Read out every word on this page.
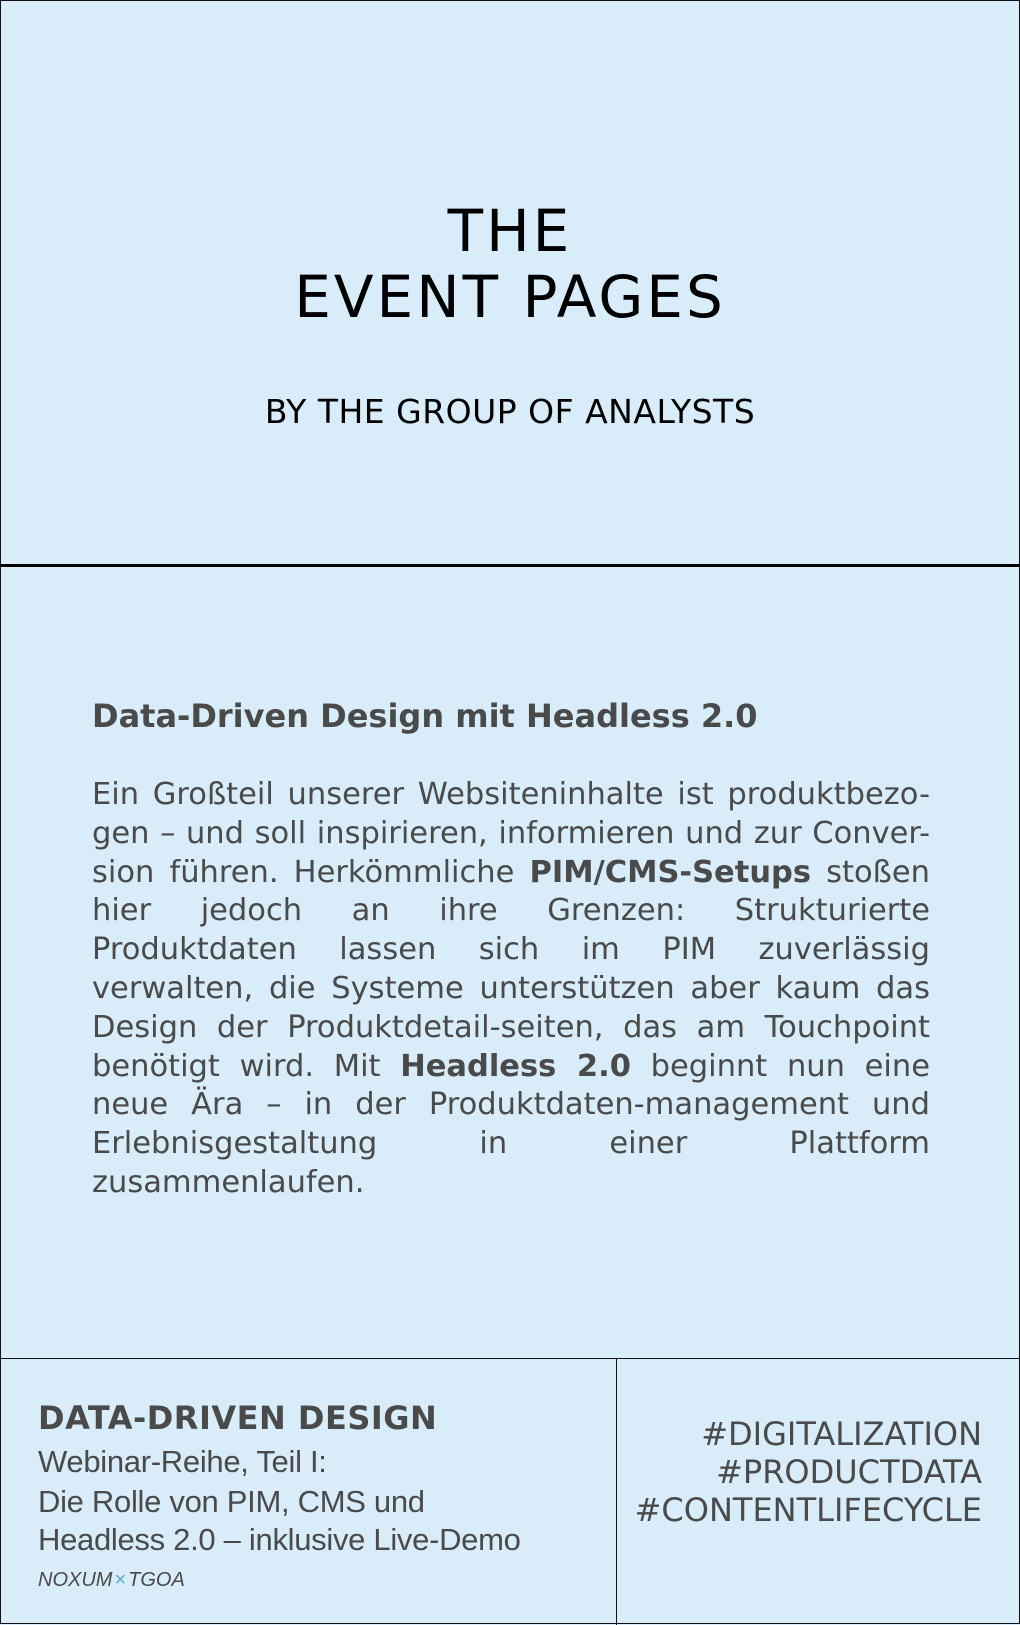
THE
EVENT PAGES

BY THE GROUP OF ANALYSTS

Data-Driven Design mit Headless 2.0

Ein Großteil unserer Websiteninhalte ist produktbezo-gen – und soll inspirieren, informieren und zur Conver-sion führen. Herkömmliche PIM/CMS-Setups stoßen hier jedoch an ihre Grenzen: Strukturierte Produktdaten lassen sich im PIM zuverlässig verwalten, die Systeme unterstützen aber kaum das Design der Produktdetail-seiten, das am Touchpoint benötigt wird. Mit Headless 2.0 beginnt nun eine neue Ära – in der Produktdaten-management und Erlebnisgestaltung in einer Plattform zusammenlaufen.

DATA-DRIVEN DESIGN

Webinar-Reihe, Teil I:

Die Rolle von PIM, CMS und

Headless 2.0 – inklusive Live-Demo

NOXUM × TGOA
#DIGITALIZATION
#PRODUCTDATA
#CONTENTLIFECYCLE
